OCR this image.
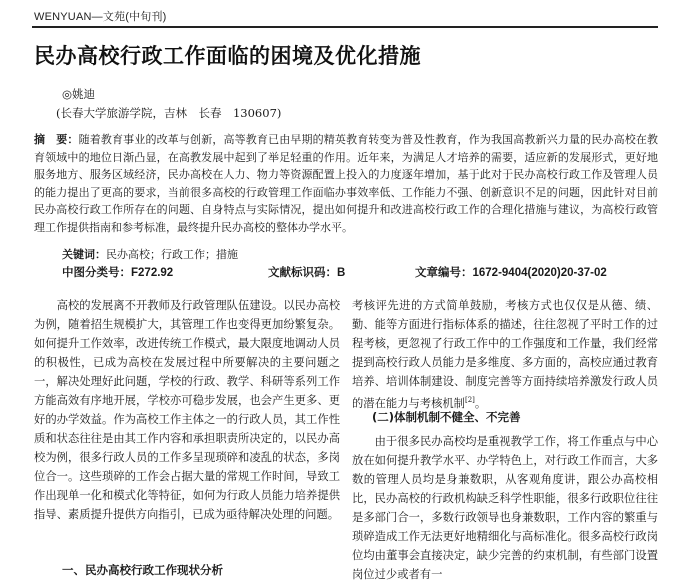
WENYUAN—文苑(中旬刊)
民办高校行政工作面临的困境及优化措施
◎姚迪
(长春大学旅游学院，吉林　长春　130607)
摘　要：随着教育事业的改革与创新，高等教育已由早期的精英教育转变为普及性教育，作为我国高教新兴力量的民办高校在教育领域中的地位日渐凸显，在高教发展中起到了举足轻重的作用。近年来，为满足人才培养的需要，适应新的发展形式，更好地服务地方、服务区域经济，民办高校在人力、物力等资源配置上投入的力度逐年增加，基于此对于民办高校行政工作及管理人员的能力提出了更高的要求，当前很多高校的行政管理工作面临办事效率低、工作能力不强、创新意识不足的问题，因此针对目前民办高校行政工作所存在的问题、自身特点与实际情况，提出如何提升和改进高校行政工作的合理化措施与建议，为高校行政管理工作提供指南和参考标准，最终提升民办高校的整体办学水平。
关键词：民办高校；行政工作；措施
中图分类号：F272.92	文献标识码：B	文章编号：1672-9404(2020)20-37-02

高校的发展离不开教师及行政管理队伍建设。以民办高校为例，随着招生规模扩大，其管理工作也变得更加纷繁复杂。如何提升工作效率，改进传统工作模式，最大限度地调动人员的积极性，已成为高校在发展过程中所要解决的主要问题之一，解决处理好此问题，学校的行政、教学、科研等系列工作方能高效有序地开展，学校亦可稳步发展，也会产生更多、更好的办学效益。作为高校工作主体之一的行政人员，其工作性质和状态往往是由其工作内容和承担职责所决定的，以民办高校为例，很多行政人员的工作多呈现琐碎和凌乱的状态，多岗位合一。这些琐碎的工作会占据大量的常规工作时间，导致工作出现单一化和模式化等特征，如何为行政人员能力培养提供指导、素质提升提供方向指引，已成为亟待解决处理的问题。

一、民办高校行政工作现状分析

考核评先进的方式简单鼓励，考核方式也仅仅是从德、绩、勤、能等方面进行指标体系的描述，往往忽视了平时工作的过程考核，更忽视了行政工作中的工作强度和工作量，我们经常提到高校行政人员能力是多维度、多方面的，高校应通过教育培养、培训体制建设、制度完善等方面持续培养激发行政人员的潜在能力与考核机制[2]。

由于很多民办高校均是重视教学工作，将工作重点与中心放在如何提升教学水平、办学特色上，对行政工作而言，大多数的管理人员均是身兼数职，从客观角度讲，跟公办高校相比，民办高校的行政机构缺乏科学性职能，很多行政职位往往是多部门合一，多数行政领导也身兼数职，工作内容的繁重与琐碎造成工作无法更好地精细化与高标准化。很多高校行政岗位均由董事会直接决定，缺少完善的约束机制，有些部门设置岗位过少或者有一

(二)体制机制不健全、不完善
